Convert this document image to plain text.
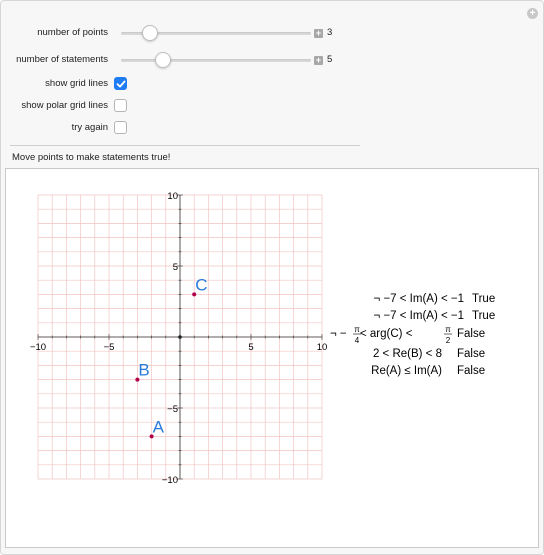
+
number of points	+ 3
number of statements	+ 5
show grid lines
show polar grid lines
try again
Move points to make statements true!
−10	−5	5	10
10
5
−5
−10
A
B
C
¬ −7 < Im(A) < −1 True
¬ −7 < Im(A) < −1 True
¬ − π
4
< arg(C) <	π
2
False
2 < Re(B) < 8 False
Re(A) ≤ Im(A) False
